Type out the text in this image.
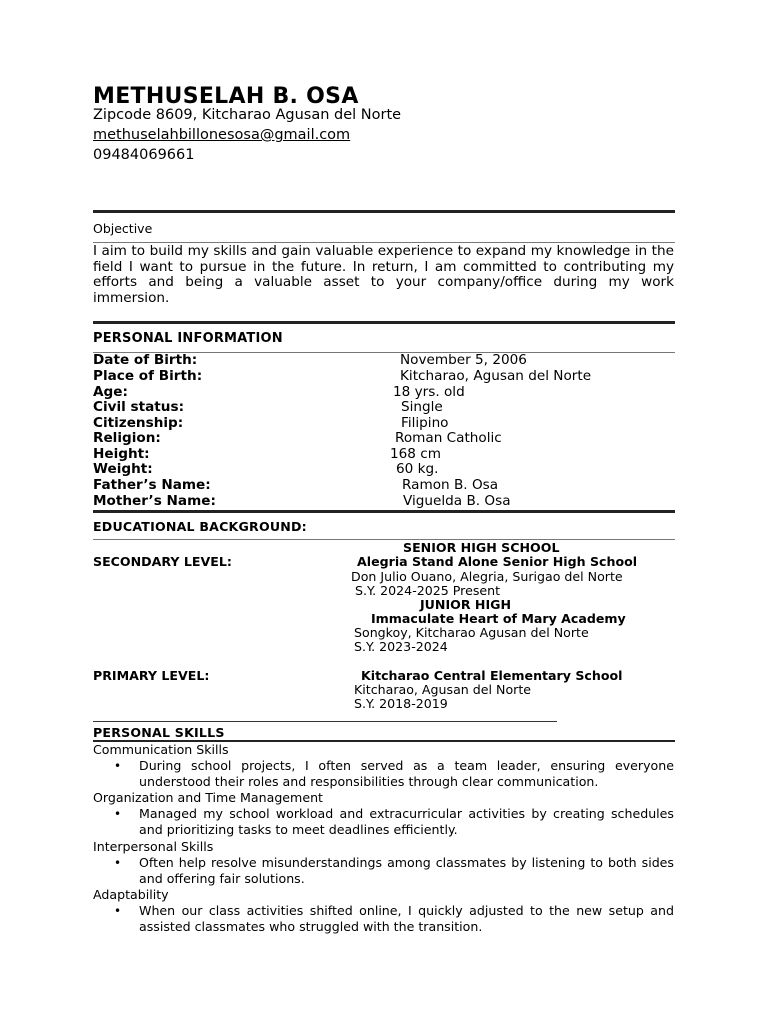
METHUSELAH B. OSA
Zipcode 8609, Kitcharao Agusan del Norte
methuselahbillonesosa@gmail.com
09484069661
Objective
I aim to build my skills and gain valuable experience to expand my knowledge in the field I want to pursue in the future. In return, I am committed to contributing my efforts and being a valuable asset to your company/office during my work immersion.
PERSONAL INFORMATION
Date of Birth:	November 5, 2006
Place of Birth:	Kitcharao, Agusan del Norte
Age:	18 yrs. old
Civil status:	Single
Citizenship:	Filipino
Religion:	Roman Catholic
Height:	168 cm
Weight:	60 kg.
Father’s Name:	Ramon B. Osa
Mother’s Name:	Viguelda B. Osa
EDUCATIONAL BACKGROUND:
SENIOR HIGH SCHOOL
SECONDARY LEVEL:	Alegria Stand Alone Senior High School
Don Julio Ouano, Alegria, Surigao del Norte
S.Y. 2024-2025 Present
JUNIOR HIGH
Immaculate Heart of Mary Academy
Songkoy, Kitcharao Agusan del Norte
S.Y. 2023-2024
PRIMARY LEVEL:	Kitcharao Central Elementary School
Kitcharao, Agusan del Norte
S.Y. 2018-2019
PERSONAL SKILLS
Communication Skills
• During school projects, I often served as a team leader, ensuring everyone understood their roles and responsibilities through clear communication.
Organization and Time Management
• Managed my school workload and extracurricular activities by creating schedules and prioritizing tasks to meet deadlines efficiently.
Interpersonal Skills
• Often help resolve misunderstandings among classmates by listening to both sides and offering fair solutions.
Adaptability
• When our class activities shifted online, I quickly adjusted to the new setup and assisted classmates who struggled with the transition.
